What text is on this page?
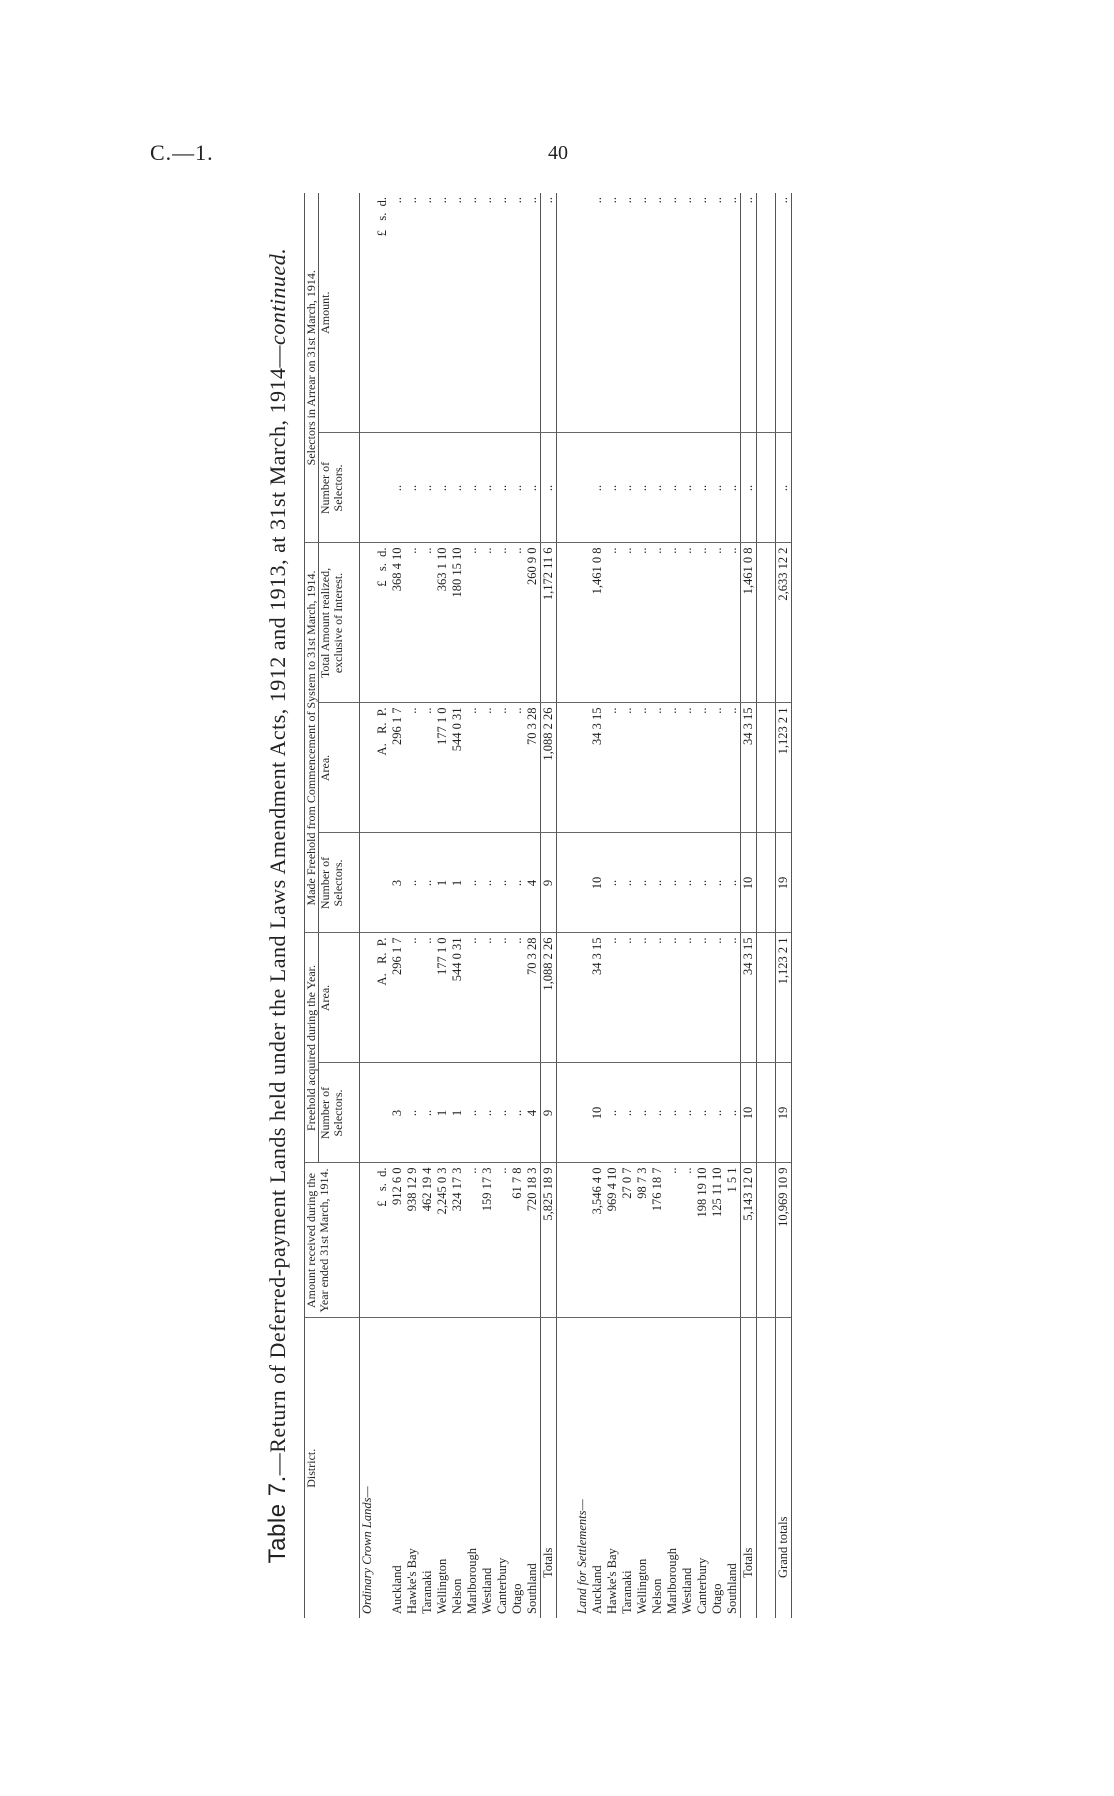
C.—1.	40
Table 7.—Return of Deferred-payment Lands held under the Land Laws Amendment Acts, 1912 and 1913, at 31st March, 1914—continued.
District.	Amount received during the Year ended 31st March, 1914.	Freehold acquired during the Year.		Made Freehold from Commencement of System to 31st March, 1914.			Selectors in Arrear on 31st March, 1914.	
		Number of Selectors.	Area.	Number of Selectors.	Area.	Total Amount realized, exclusive of Interest.	Number of Selectors.	Amount.
Ordinary Crown Lands—								
	£   s.  d.		A.   R.  P.		A.   R.  P.	£   s.  d.		£   s.  d.
Auckland	912 6 0	3	296 1 7	3	296 1 7	368 4 10	..	..
Hawke's Bay	938 12 9	..	..	..	..	..	..	..
Taranaki	462 19 4	..	..	..	..	..	..	..
Wellington	2,245 0 3	1	177 1 0	1	177 1 0	363 1 10	..	..
Nelson	324 17 3	1	544 0 31	1	544 0 31	180 15 10	..	..
Marlborough	..	..	..	..	..	..	..	..
Westland	159 17 3	..	..	..	..	..	..	..
Canterbury	..	..	..	..	..	..	..	..
Otago	61 7 8	..	..	..	..	..	..	..
Southland	720 18 3	4	70 3 28	4	70 3 28	260 9 0	..	..
Totals	5,825 18 9	9	1,088 2 26	9	1,088 2 26	1,172 11 6	..	..

Land for Settlements—								
Auckland	3,546 4 0	10	34 3 15	10	34 3 15	1,461 0 8	..	..
Hawke's Bay	969 4 10	..	..	..	..	..	..	..
Taranaki	27 0 7	..	..	..	..	..	..	..
Wellington	98 7 3	..	..	..	..	..	..	..
Nelson	176 18 7	..	..	..	..	..	..	..
Marlborough	..	..	..	..	..	..	..	..
Westland	..	..	..	..	..	..	..	..
Canterbury	198 19 10	..	..	..	..	..	..	..
Otago	125 11 10	..	..	..	..	..	..	..
Southland	1 5 1	..	..	..	..	..	..	..
Totals	5,143 12 0	10	34 3 15	10	34 3 15	1,461 0 8	..	..

Grand totals	10,969 10 9	19	1,123 2 1	19	1,123 2 1	2,633 12 2	..	..
